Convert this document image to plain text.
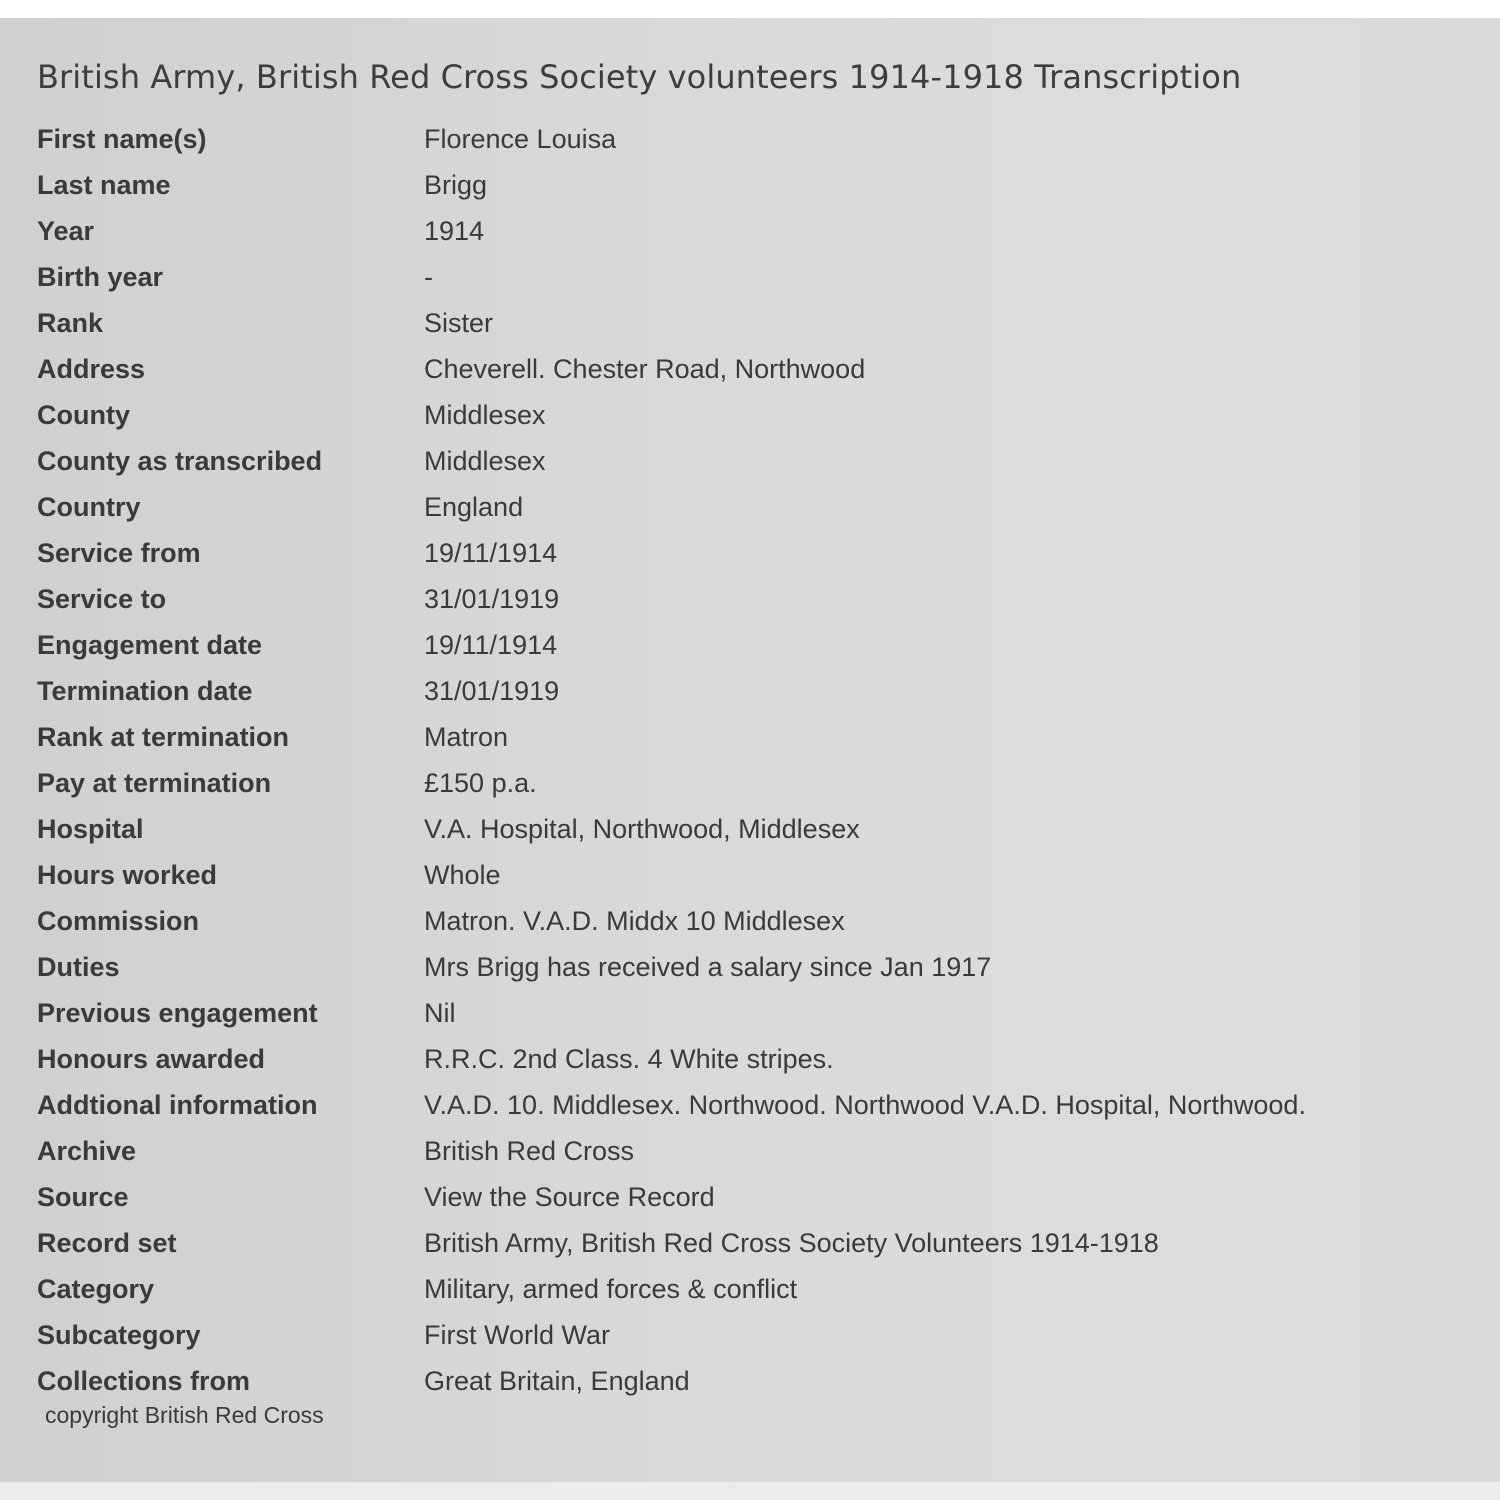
British Army, British Red Cross Society volunteers 1914-1918 Transcription
First name(s)	Florence Louisa
Last name	Brigg
Year	1914
Birth year	-
Rank	Sister
Address	Cheverell. Chester Road, Northwood
County	Middlesex
County as transcribed	Middlesex
Country	England
Service from	19/11/1914
Service to	31/01/1919
Engagement date	19/11/1914
Termination date	31/01/1919
Rank at termination	Matron
Pay at termination	£150 p.a.
Hospital	V.A. Hospital, Northwood, Middlesex
Hours worked	Whole
Commission	Matron. V.A.D. Middx 10 Middlesex
Duties	Mrs Brigg has received a salary since Jan 1917
Previous engagement	Nil
Honours awarded	R.R.C. 2nd Class. 4 White stripes.
Addtional information	V.A.D. 10. Middlesex. Northwood. Northwood V.A.D. Hospital, Northwood.
Archive	British Red Cross
Source	View the Source Record
Record set	British Army, British Red Cross Society Volunteers 1914-1918
Category	Military, armed forces & conflict
Subcategory	First World War
Collections from	Great Britain, England
copyright British Red Cross
